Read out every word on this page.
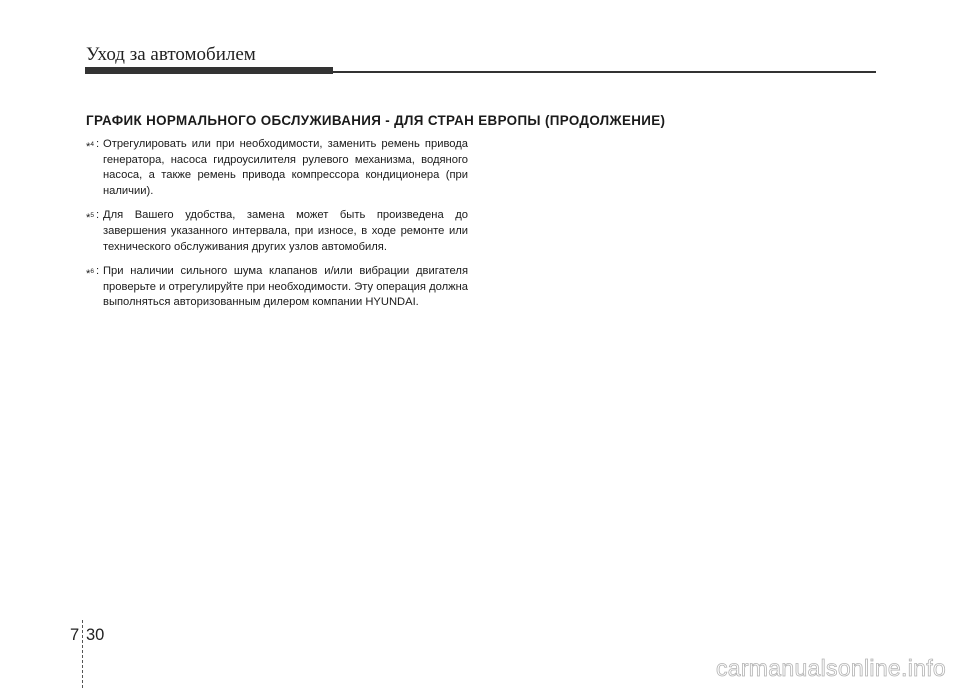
Уход за автомобилем
ГРАФИК НОРМАЛЬНОГО ОБСЛУЖИВАНИЯ - ДЛЯ СТРАН ЕВРОПЫ (ПРОДОЛЖЕНИЕ)
*$^4$ : Отрегулировать или при необходимости, заменить ремень привода генератора, насоса гидроусилителя рулевого механизма, водяного насоса, а также ремень привода компрессора кондиционера (при наличии).
*$^5$ : Для Вашего удобства, замена может быть произведена до завершения указанного интервала, при износе, в ходе ремонте или технического обслуживания других узлов автомобиля.
*$^6$ : При наличии сильного шума клапанов и/или вибрации двигателя проверьте и отрегулируйте при необходимости. Эту операция должна выполняться авторизованным дилером компании HYUNDAI.
7 30
carmanualsonline.info
